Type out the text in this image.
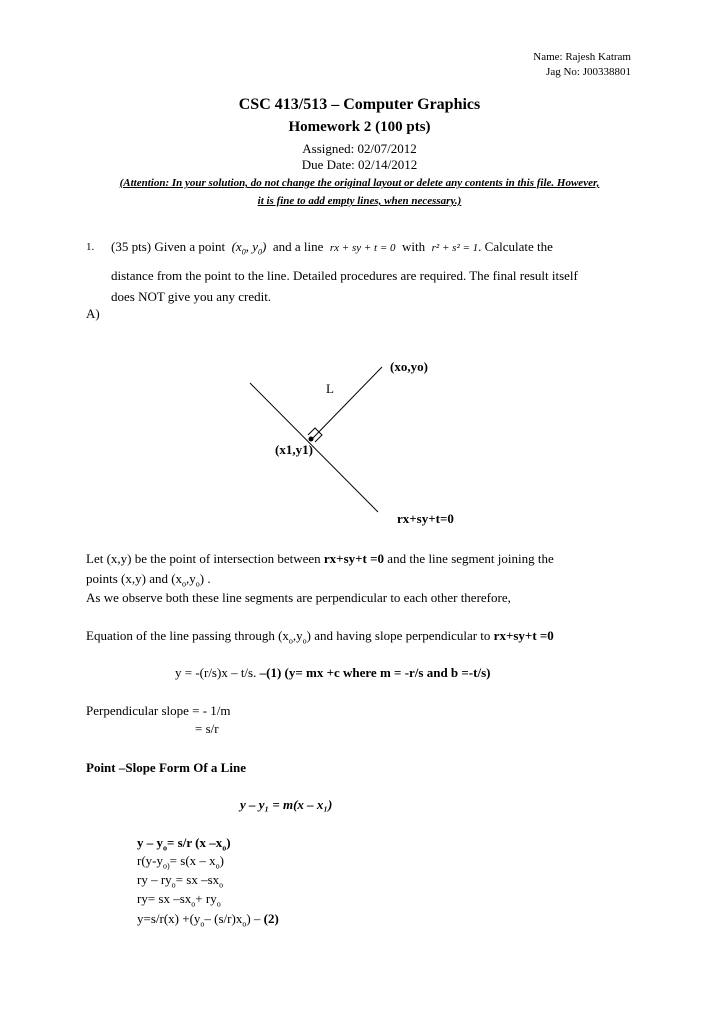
Name: Rajesh Katram
Jag No: J00338801
CSC 413/513 – Computer Graphics
Homework 2 (100 pts)
Assigned: 02/07/2012
Due Date: 02/14/2012
(Attention: In your solution, do not change the original layout or delete any contents in this file. However,
it is fine to add empty lines, when necessary.)
1. (35 pts) Given a point ($x_0$, $y_0$) and a line rx + sy + t = 0 with r² + s² = 1. Calculate the
distance from the point to the line. Detailed procedures are required. The final result itself
does NOT give you any credit.
A)
(xo,yo)
L
(x1,y1)
rx+sy+t=0
Let (x,y) be the point of intersection between rx+sy+t =0 and the line segment joining the
points (x,y) and $(x_o,y_o)$ .
As we observe both these line segments are perpendicular to each other therefore,
Equation of the line passing through $(x_o,y_o)$ and having slope perpendicular to rx+sy+t =0
y = -(r/s)x – t/s. –(1) (y= mx +c where m = -r/s and b =-t/s)
Perpendicular slope = - 1/m
= s/r
Point –Slope Form Of a Line
y – y₁ = m(x – x₁)
$y - y_o= s/r$ (x $-x_o$)
$r(y-y_{o)}= s(x - x_o)$
ry – $ry_o=$ sx $-sx_o$
ry= sx $-sx_o+ ry_o$
$y=s/r(x) +(y_o-$ $(s/r)x_o) - (2)$
